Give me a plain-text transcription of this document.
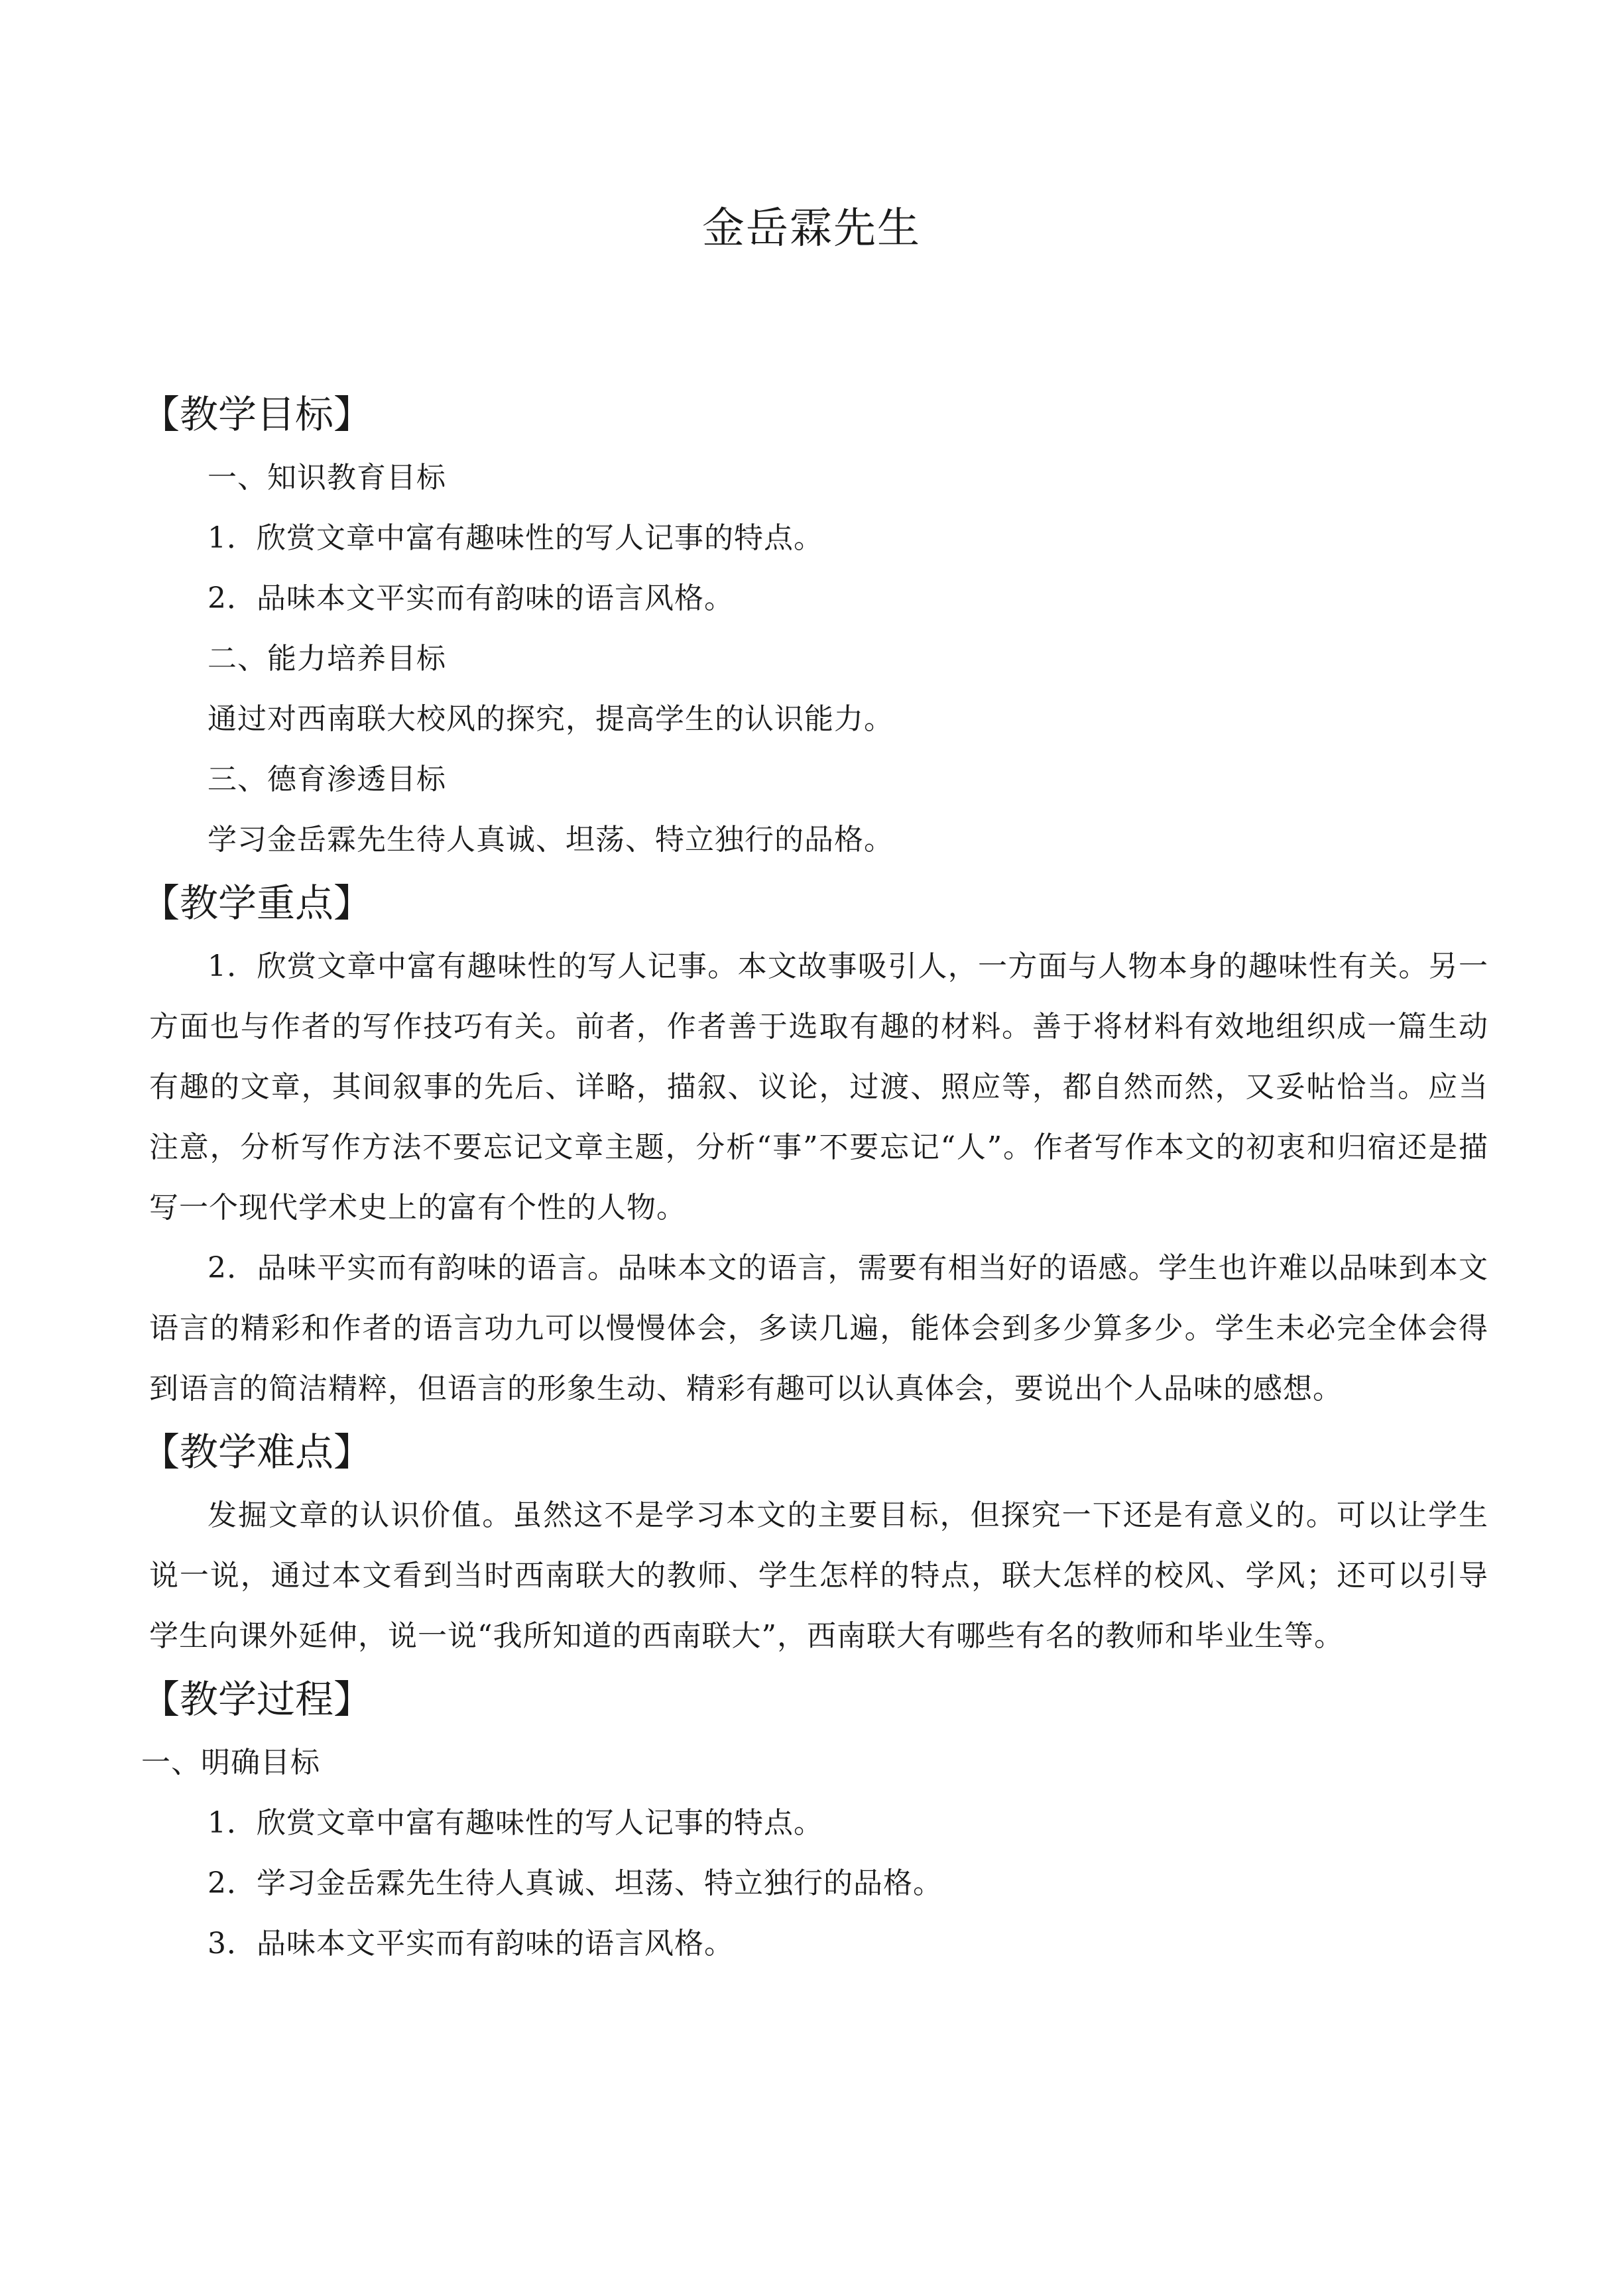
金岳霖先生
【教学目标】

一、知识教育目标

1．欣赏文章中富有趣味性的写人记事的特点。

2．品味本文平实而有韵味的语言风格。

二、能力培养目标

通过对西南联大校风的探究，提高学生的认识能力。

三、德育渗透目标

学习金岳霖先生待人真诚、坦荡、特立独行的品格。

【教学重点】

1．欣赏文章中富有趣味性的写人记事。本文故事吸引人，一方面与人物本身的趣味性有关。另一方面也与作者的写作技巧有关。前者，作者善于选取有趣的材料。善于将材料有效地组织成一篇生动有趣的文章，其间叙事的先后、详略，描叙、议论，过渡、照应等，都自然而然，又妥帖恰当。应当注意，分析写作方法不要忘记文章主题，分析“事”不要忘记“人”。作者写作本文的初衷和归宿还是描写一个现代学术史上的富有个性的人物。

2．品味平实而有韵味的语言。品味本文的语言，需要有相当好的语感。学生也许难以品味到本文语言的精彩和作者的语言功九可以慢慢体会，多读几遍，能体会到多少算多少。学生未必完全体会得到语言的简洁精粹，但语言的形象生动、精彩有趣可以认真体会，要说出个人品味的感想。

【教学难点】

发掘文章的认识价值。虽然这不是学习本文的主要目标，但探究一下还是有意义的。可以让学生说一说，通过本文看到当时西南联大的教师、学生怎样的特点，联大怎样的校风、学风；还可以引导学生向课外延伸，说一说“我所知道的西南联大”，西南联大有哪些有名的教师和毕业生等。

【教学过程】

一、明确目标

1．欣赏文章中富有趣味性的写人记事的特点。

2．学习金岳霖先生待人真诚、坦荡、特立独行的品格。

3．品味本文平实而有韵味的语言风格。
